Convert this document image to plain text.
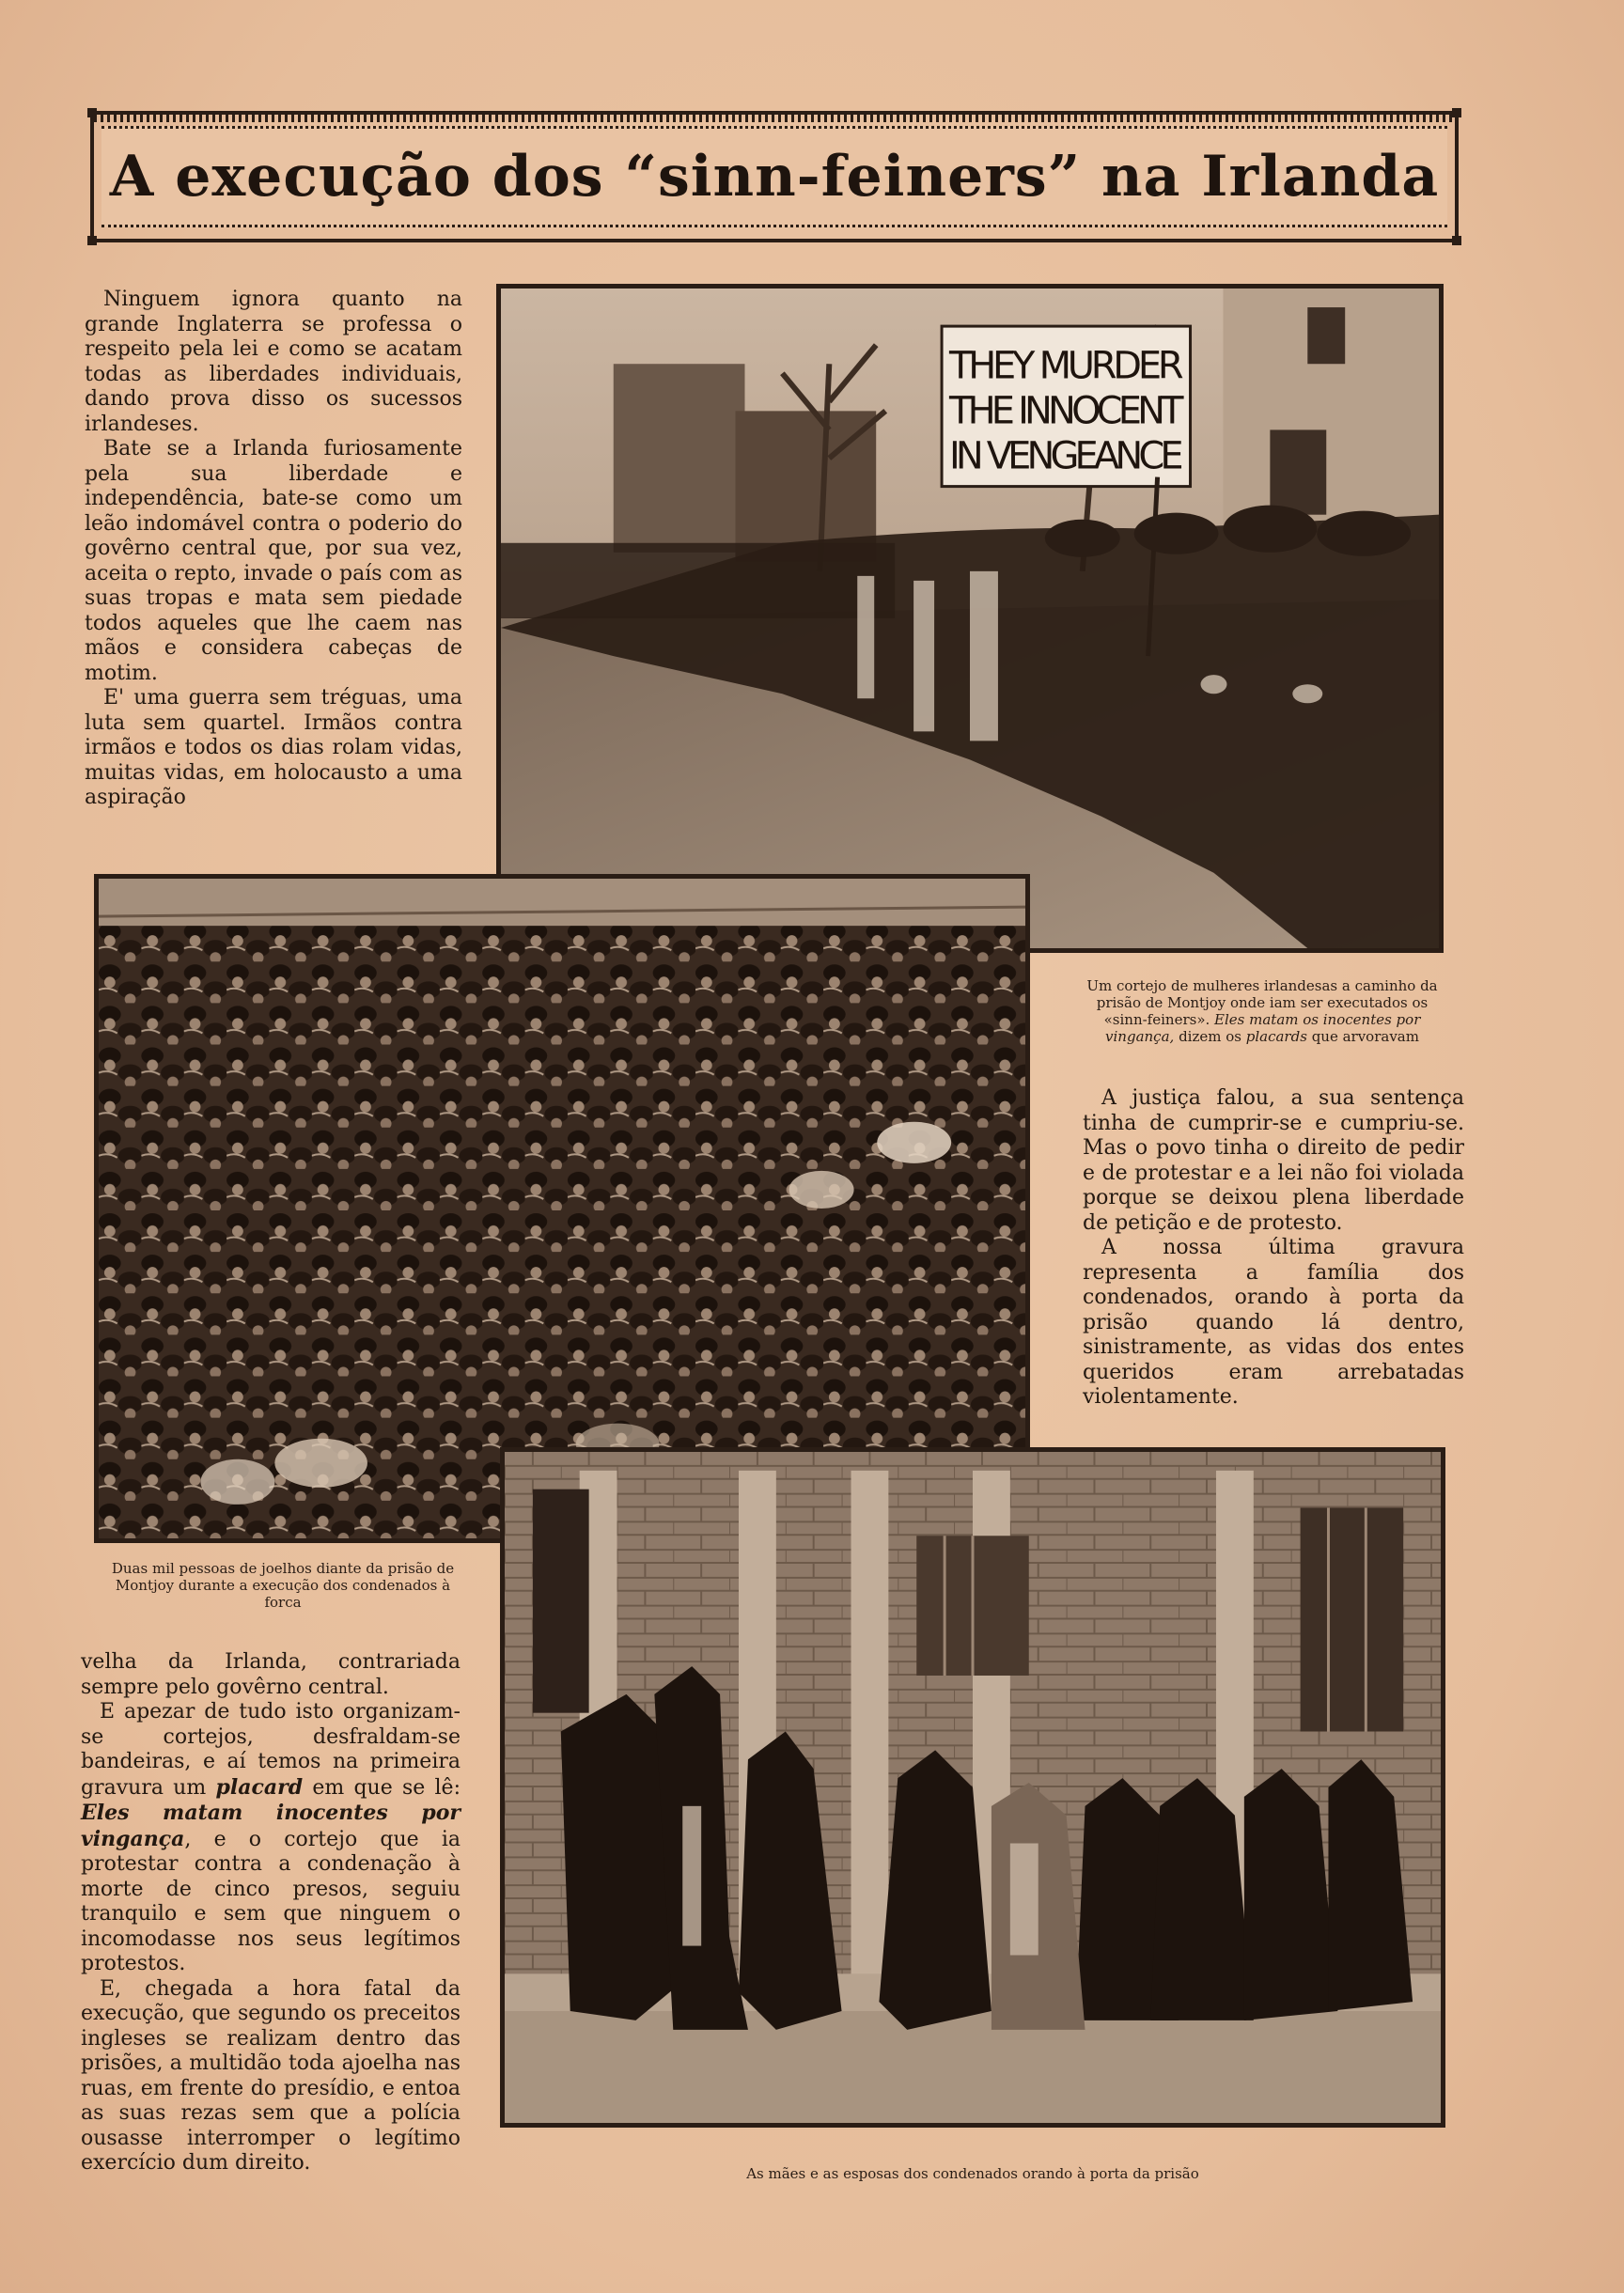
A execução dos “sinn-feiners” na Irlanda

Ninguem ignora quanto na grande Inglaterra se professa o respeito pela lei e como se acatam todas as liberdades individuais, dando prova disso os sucessos irlandeses.

Bate se a Irlanda furiosamente pela sua liberdade e independência, bate-se como um leão indomável contra o poderio do govêrno central que, por sua vez, aceita o repto, invade o país com as suas tropas e mata sem piedade todos aqueles que lhe caem nas mãos e considera cabeças de motim.

E' uma guerra sem tréguas, uma luta sem quartel. Irmãos contra irmãos e todos os dias rolam vidas, muitas vidas, em holocausto a uma aspiração

THEY MURDER
THE INNOCENT
IN VENGEANCE
Um cortejo de mulheres irlandesas a caminho da prisão de Montjoy onde iam ser executados os «sinn-feiners». Eles matam os inocentes por vingança, dizem os placards que arvoravam

A justiça falou, a sua sentença tinha de cumprir-se e cumpriu-se. Mas o povo tinha o direito de pedir e de protestar e a lei não foi violada porque se deixou plena liberdade de petição e de protesto.

A nossa última gravura representa a família dos condenados, orando à porta da prisão quando lá dentro, sinistramente, as vidas dos entes queridos eram arrebatadas violentamente.

Duas mil pessoas de joelhos diante da prisão de Montjoy durante a execução dos condenados à forca

velha da Irlanda, contrariada sempre pelo govêrno central.

E apezar de tudo isto organizam-se cortejos, desfraldam-se bandeiras, e aí temos na primeira gravura um placard em que se lê: Eles matam inocentes por vingança, e o cortejo que ia protestar contra a condenação à morte de cinco presos, seguiu tranquilo e sem que ninguem o incomodasse nos seus legítimos protestos.

E, chegada a hora fatal da execução, que segundo os preceitos ingleses se realizam dentro das prisões, a multidão toda ajoelha nas ruas, em frente do presídio, e entoa as suas rezas sem que a polícia ousasse interromper o legítimo exercício dum direito.	As mães e as esposas dos condenados orando à porta da prisão
